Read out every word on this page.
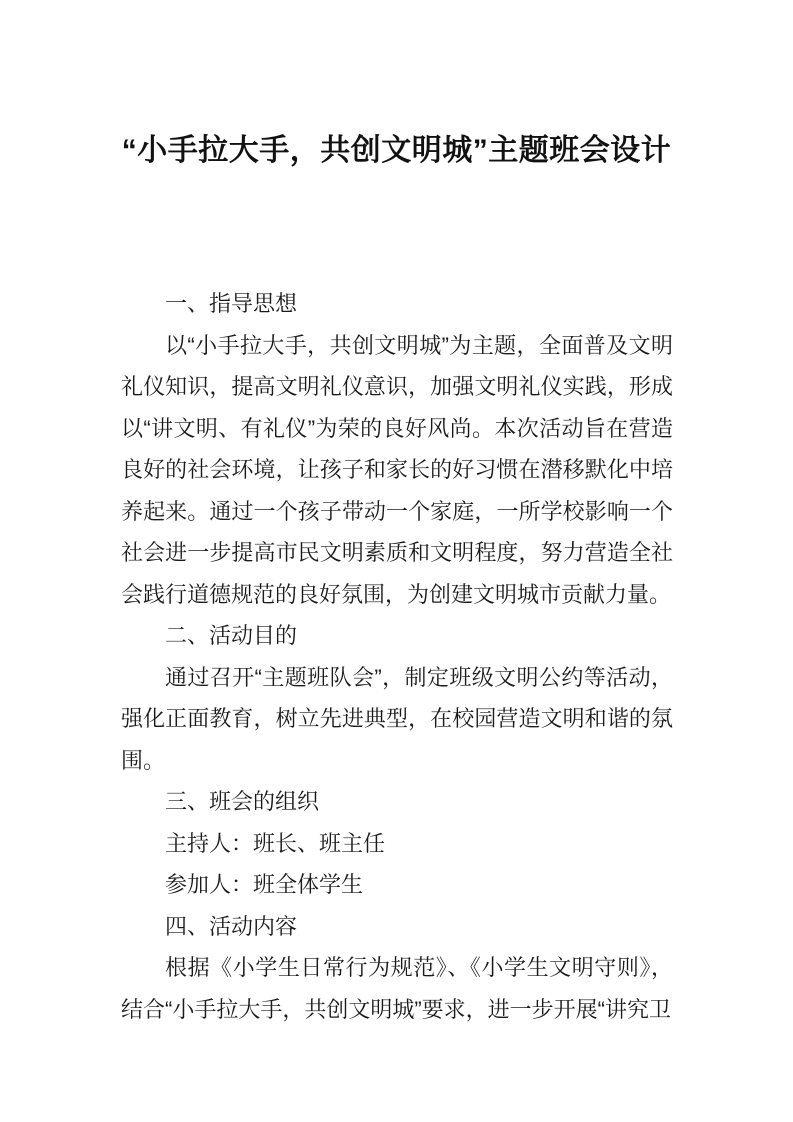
“小手拉大手，共创文明城”主题班会设计

一、指导思想

以“小手拉大手，共创文明城”为主题，全面普及文明礼仪知识，提高文明礼仪意识，加强文明礼仪实践，形成以“讲文明、有礼仪”为荣的良好风尚。本次活动旨在营造良好的社会环境，让孩子和家长的好习惯在潜移默化中培养起来。通过一个孩子带动一个家庭，一所学校影响一个社会进一步提高市民文明素质和文明程度，努力营造全社会践行道德规范的良好氛围，为创建文明城市贡献力量。

二、活动目的

通过召开“主题班队会”，制定班级文明公约等活动，强化正面教育，树立先进典型，在校园营造文明和谐的氛围。

三、班会的组织

主持人：班长、班主任

参加人：班全体学生

四、活动内容

根据《小学生日常行为规范》、《小学生文明守则》，结合“小手拉大手，共创文明城”要求，进一步开展“讲究卫
